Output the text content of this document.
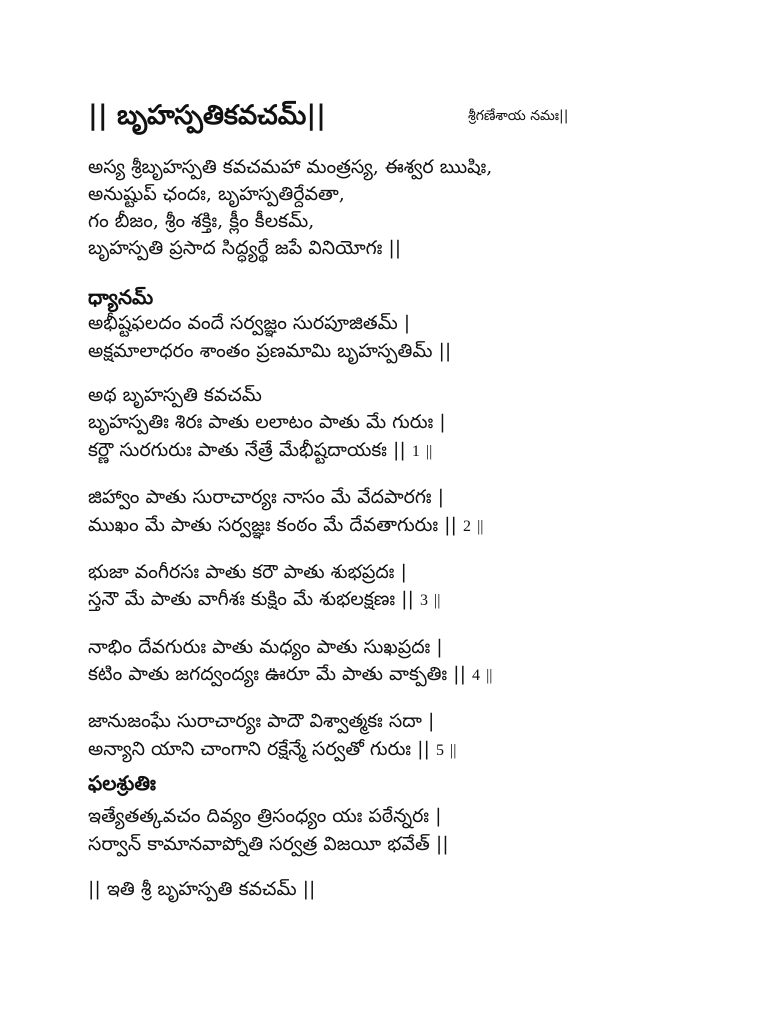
|| బృహస్పతికవచమ్||	శ్రీగణేశాయ నమః||
అస్య శ్రీబృహస్పతి కవచమహా మంత్రస్య, ఈశ్వర ఋషిః,
అనుష్టుప్ ఛందః, బృహస్పతిర్దేవతా,
గం బీజం, శ్రీం శక్తిః, క్లీం కీలకమ్,
బృహస్పతి ప్రసాద సిద్ధ్యర్థే జపే వినియోగః ||
ధ్యానమ్
అభీష్టఫలదం వందే సర్వజ్ఞం సురపూజితమ్ |
అక్షమాలాధరం శాంతం ప్రణమామి బృహస్పతిమ్ ||
అథ బృహస్పతి కవచమ్
బృహస్పతిః శిరః పాతు లలాటం పాతు మే గురుః |
కర్ణౌ సురగురుః పాతు నేత్రే మేభీష్టదాయకః || 1 ||
జిహ్వాం పాతు సురాచార్యః నాసం మే వేదపారగః |
ముఖం మే పాతు సర్వజ్ఞః కంఠం మే దేవతాగురుః || 2 ||
భుజా వంగీరసః పాతు కరౌ పాతు శుభప్రదః |
స్తనౌ మే పాతు వాగీశః కుక్షిం మే శుభలక్షణః || 3 ||
నాభిం దేవగురుః పాతు మధ్యం పాతు సుఖప్రదః |
కటిం పాతు జగద్వంద్యః ఊరూ మే పాతు వాక్పతిః || 4 ||
జానుజంఘే సురాచార్యః పాదౌ విశ్వాత్మకః సదా |
అన్యాని యాని చాంగాని రక్షేన్మే సర్వతో గురుః || 5 ||
ఫలశ్రుతిః
ఇత్యేతత్కవచం దివ్యం త్రిసంధ్యం యః పఠేన్నరః |
సర్వాన్ కామానవాప్నోతి సర్వత్ర విజయీ భవేత్ ||
|| ఇతి శ్రీ బృహస్పతి కవచమ్ ||
